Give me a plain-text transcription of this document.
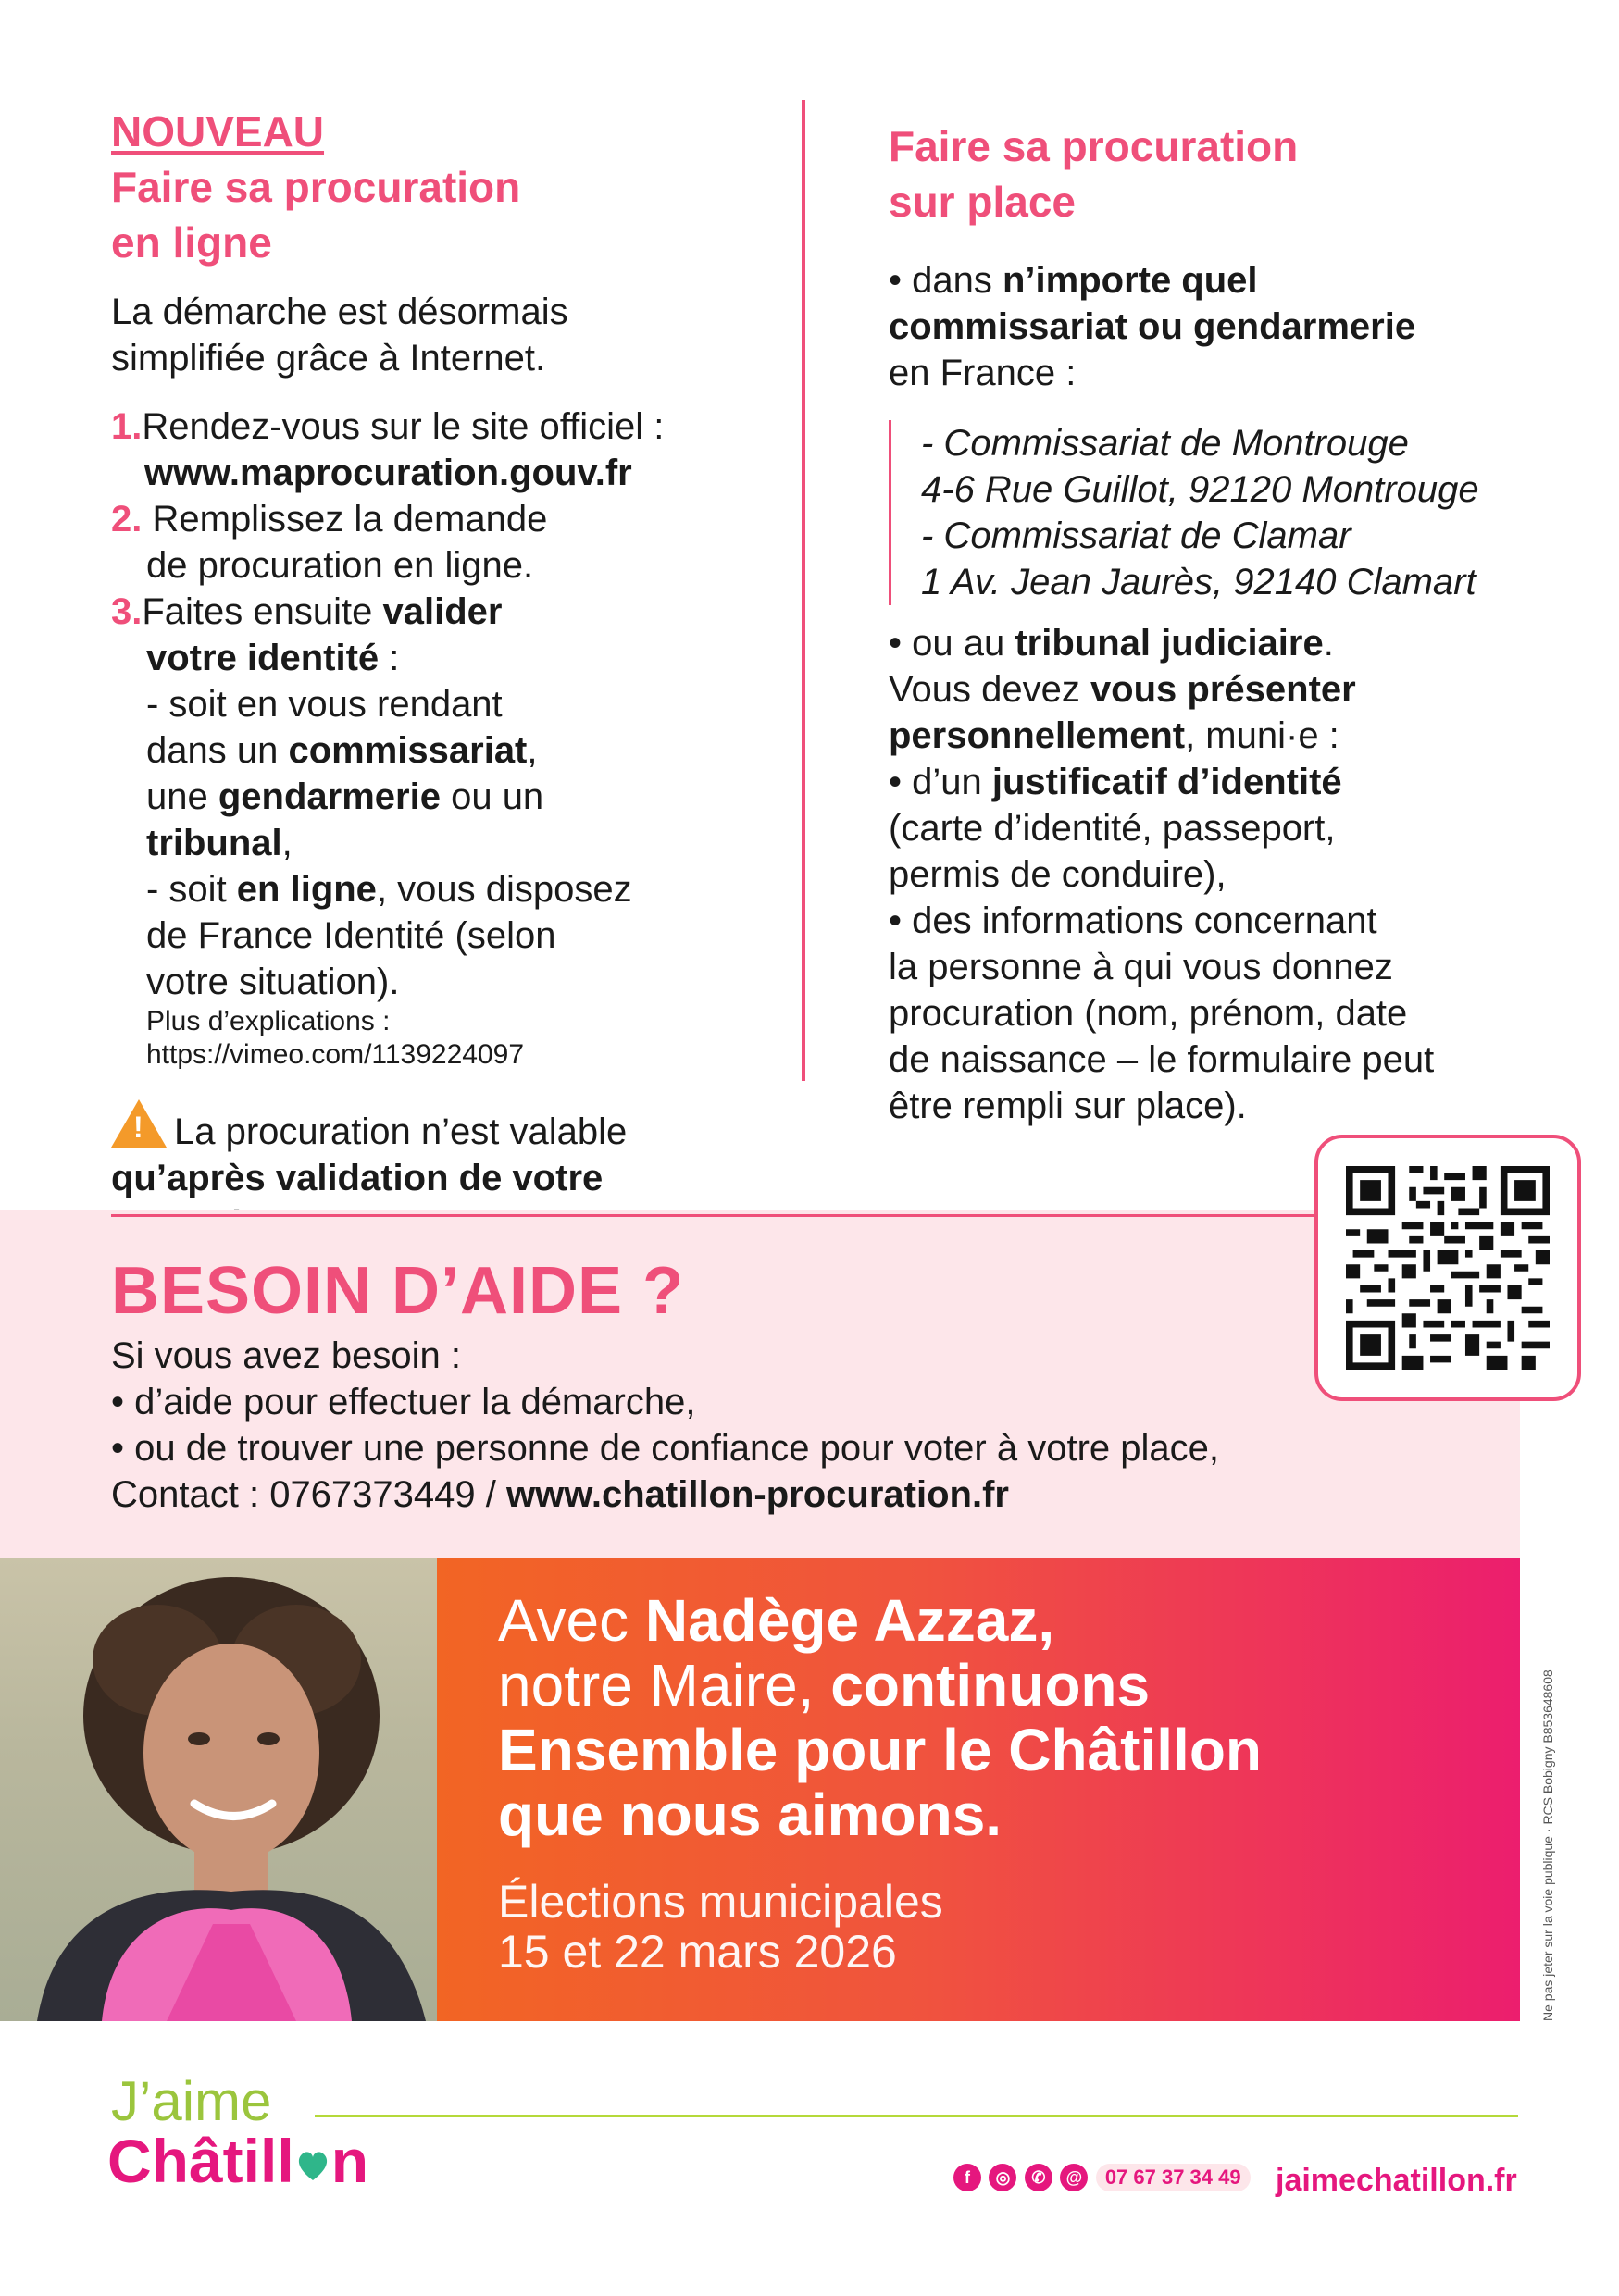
NOUVEAU
Faire sa procuration
en ligne
La démarche est désormais
simplifiée grâce à Internet.
1.Rendez-vous sur le site officiel :
www.maprocuration.gouv.fr
2. Remplissez la demande
de procuration en ligne.
3.Faites ensuite valider
votre identité :
- soit en vous rendant
dans un commissariat,
une gendarmerie ou un
tribunal,
- soit en ligne, vous disposez
de France Identité (selon
votre situation).
Plus d’explications :
https://vimeo.com/1139224097
! La procuration n’est valable
qu’après validation de votre
Faire sa procuration
sur place
• dans n’importe quel
commissariat ou gendarmerie
en France :
- Commissariat de Montrouge
4-6 Rue Guillot, 92120 Montrouge
- Commissariat de Clamar
1 Av. Jean Jaurès, 92140 Clamart
• ou au tribunal judiciaire.
Vous devez vous présenter
personnellement, muni·e :
• d’un justificatif d’identité
(carte d’identité, passeport,
permis de conduire),
• des informations concernant
la personne à qui vous donnez
procuration (nom, prénom, date
de naissance – le formulaire peut
être rempli sur place).
BESOIN D’AIDE ?
Si vous avez besoin :
• d’aide pour effectuer la démarche,
• ou de trouver une personne de confiance pour voter à votre place,
Contact : 0767373449 / www.chatillon-procuration.fr
Avec Nadège Azzaz,
notre Maire, continuons
Ensemble pour le Châtillon
que nous aimons.
Élections municipales
15 et 22 mars 2026	Ne pas jeter sur la voie publique · RCS Bobigny B853648608
J’aime
Châtill n	f ◎ ✆ @ 07 67 37 34 49 jaimechatillon.fr
